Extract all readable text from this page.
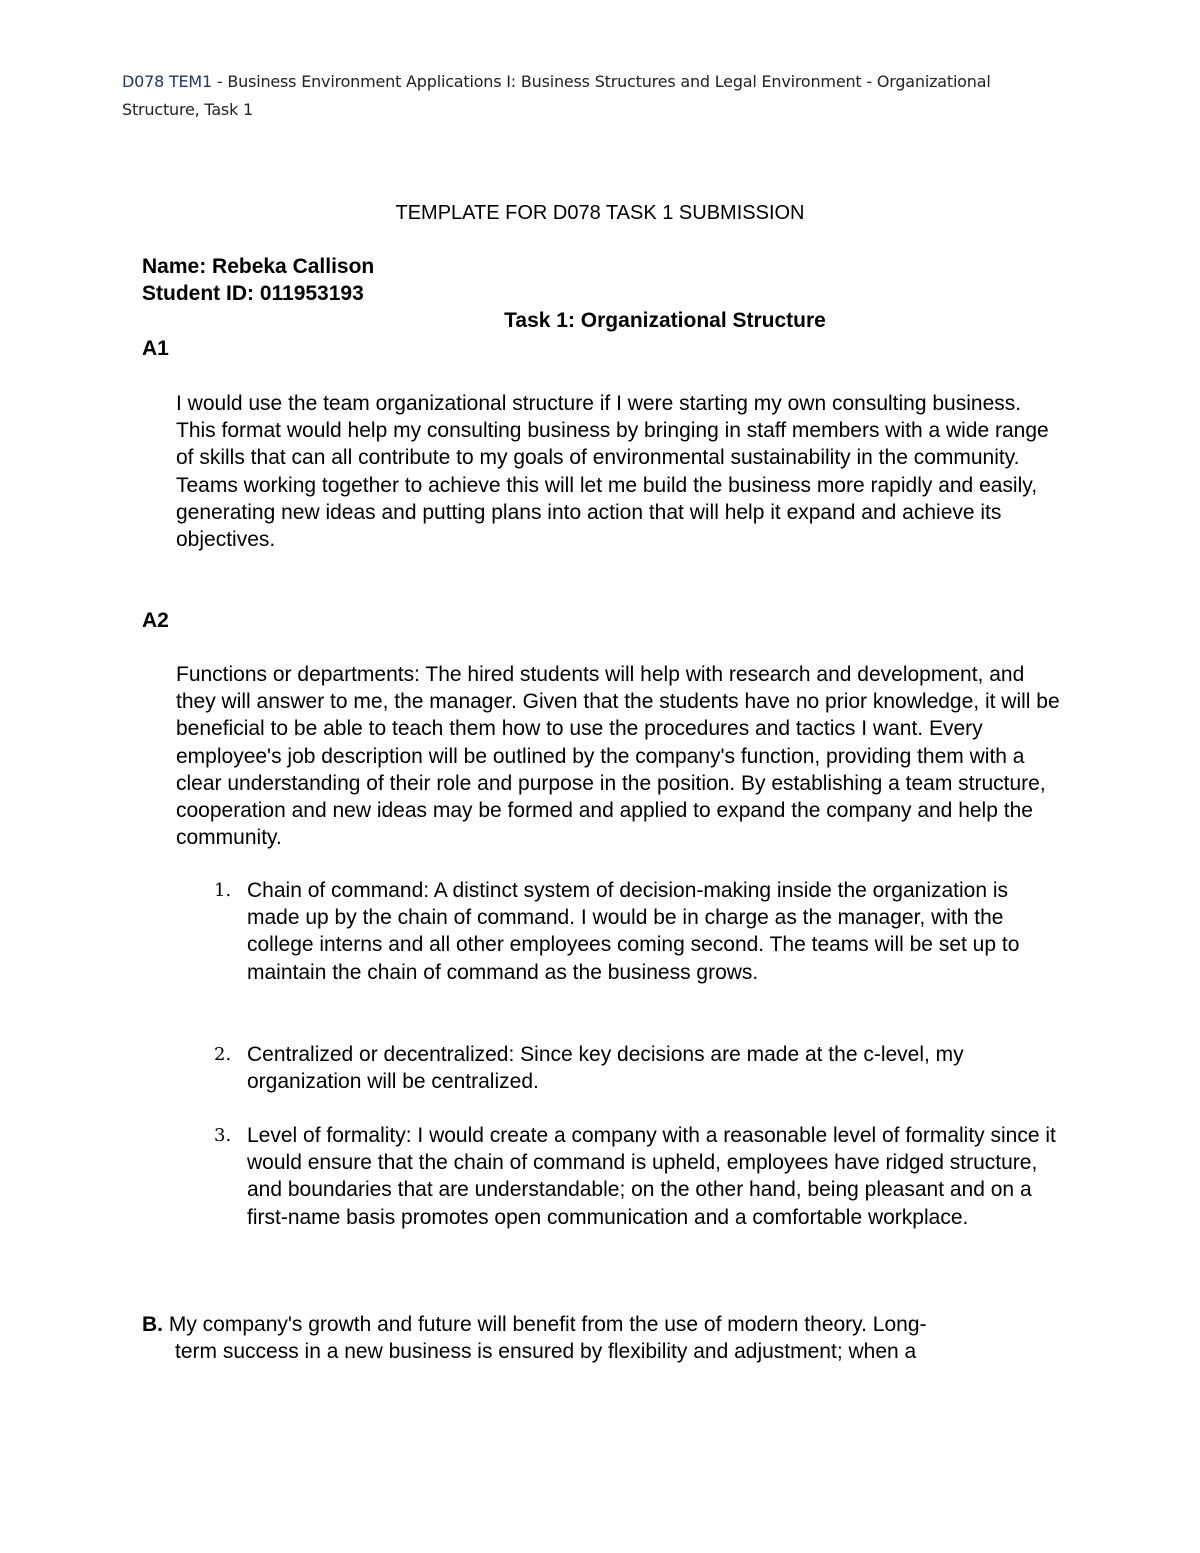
D078 TEM1 - Business Environment Applications I: Business Structures and Legal Environment - Organizational
Structure, Task 1
TEMPLATE FOR D078 TASK 1 SUBMISSION
Name: Rebeka Callison
Student ID: 011953193
Task 1: Organizational Structure
A1

I would use the team organizational structure if I were starting my own consulting business. This format would help my consulting business by bringing in staff members with a wide range of skills that can all contribute to my goals of environmental sustainability in the community. Teams working together to achieve this will let me build the business more rapidly and easily, generating new ideas and putting plans into action that will help it expand and achieve its objectives.

A2

Functions or departments: The hired students will help with research and development, and they will answer to me, the manager. Given that the students have no prior knowledge, it will be beneficial to be able to teach them how to use the procedures and tactics I want. Every employee's job description will be outlined by the company's function, providing them with a clear understanding of their role and purpose in the position. By establishing a team structure, cooperation and new ideas may be formed and applied to expand the company and help the community.

1. Chain of command: A distinct system of decision-making inside the organization is made up by the chain of command. I would be in charge as the manager, with the college interns and all other employees coming second. The teams will be set up to maintain the chain of command as the business grows.

2. Centralized or decentralized: Since key decisions are made at the c-level, my organization will be centralized.

3. Level of formality: I would create a company with a reasonable level of formality since it would ensure that the chain of command is upheld, employees have ridged structure, and boundaries that are understandable; on the other hand, being pleasant and on a first-name basis promotes open communication and a comfortable workplace.

B. My company's growth and future will benefit from the use of modern theory. Long-
term success in a new business is ensured by flexibility and adjustment; when a
